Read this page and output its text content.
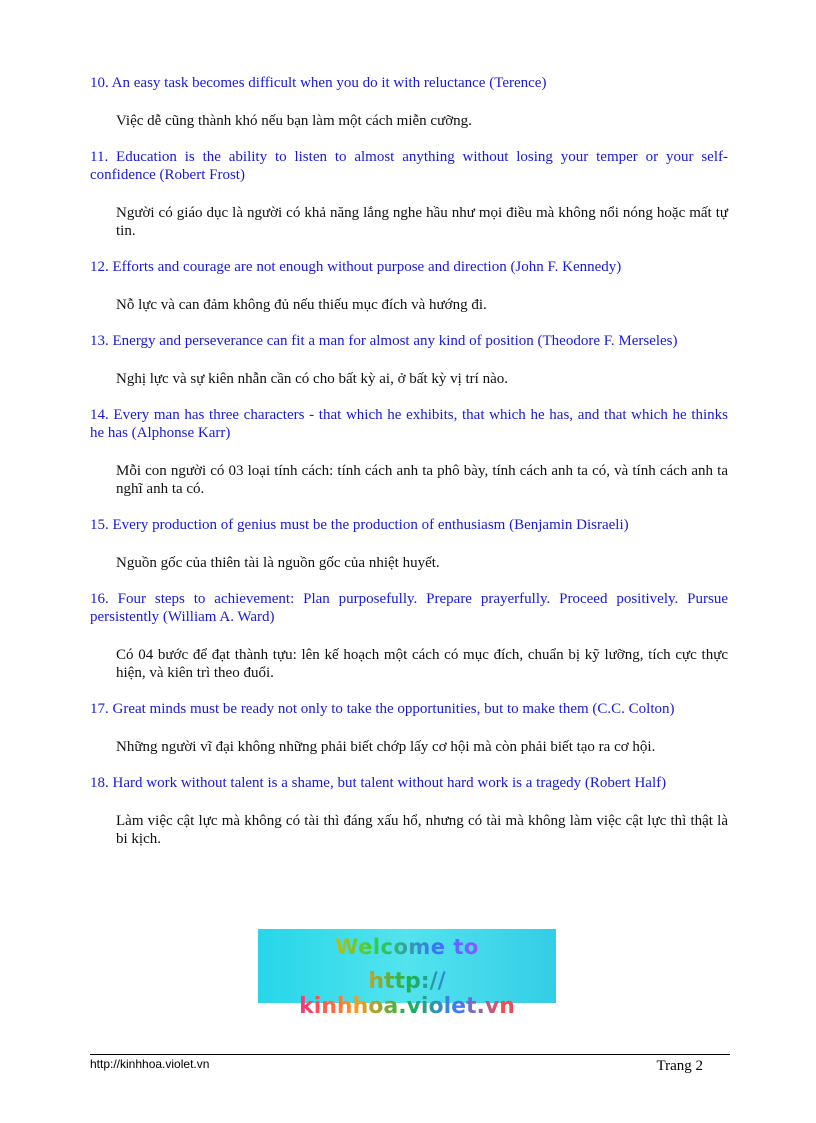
10. An easy task becomes difficult when you do it with reluctance (Terence)

Việc dễ cũng thành khó nếu bạn làm một cách miễn cưỡng.

11. Education is the ability to listen to almost anything without losing your temper or your self-confidence (Robert Frost)

Người có giáo dục là người có khả năng lắng nghe hầu như mọi điều mà không nổi nóng hoặc mất tự tin.

12. Efforts and courage are not enough without purpose and direction (John F. Kennedy)

Nỗ lực và can đảm không đủ nếu thiếu mục đích và hướng đi.

13. Energy and perseverance can fit a man for almost any kind of position (Theodore F. Merseles)

Nghị lực và sự kiên nhẫn cần có cho bất kỳ ai, ở bất kỳ vị trí nào.

14. Every man has three characters - that which he exhibits, that which he has, and that which he thinks he has (Alphonse Karr)

Mỗi con người có 03 loại tính cách: tính cách anh ta phô bày, tính cách anh ta có, và tính cách anh ta nghĩ anh ta có.

15. Every production of genius must be the production of enthusiasm (Benjamin Disraeli)

Nguồn gốc của thiên tài là nguồn gốc của nhiệt huyết.

16. Four steps to achievement: Plan purposefully. Prepare prayerfully. Proceed positively. Pursue persistently (William A. Ward)

Có 04 bước để đạt thành tựu: lên kế hoạch một cách có mục đích, chuẩn bị kỹ lưỡng, tích cực thực hiện, và kiên trì theo đuổi.

17. Great minds must be ready not only to take the opportunities, but to make them (C.C. Colton)

Những người vĩ đại không những phải biết chớp lấy cơ hội mà còn phải biết tạo ra cơ hội.

18. Hard work without talent is a shame, but talent without hard work is a tragedy (Robert Half)

Làm việc cật lực mà không có tài thì đáng xấu hổ, nhưng có tài mà không làm việc cật lực thì thật là bi kịch.

Welcome to
http:// kinhhoa.violet.vn
http://kinhhoa.violet.vn	Trang 2
